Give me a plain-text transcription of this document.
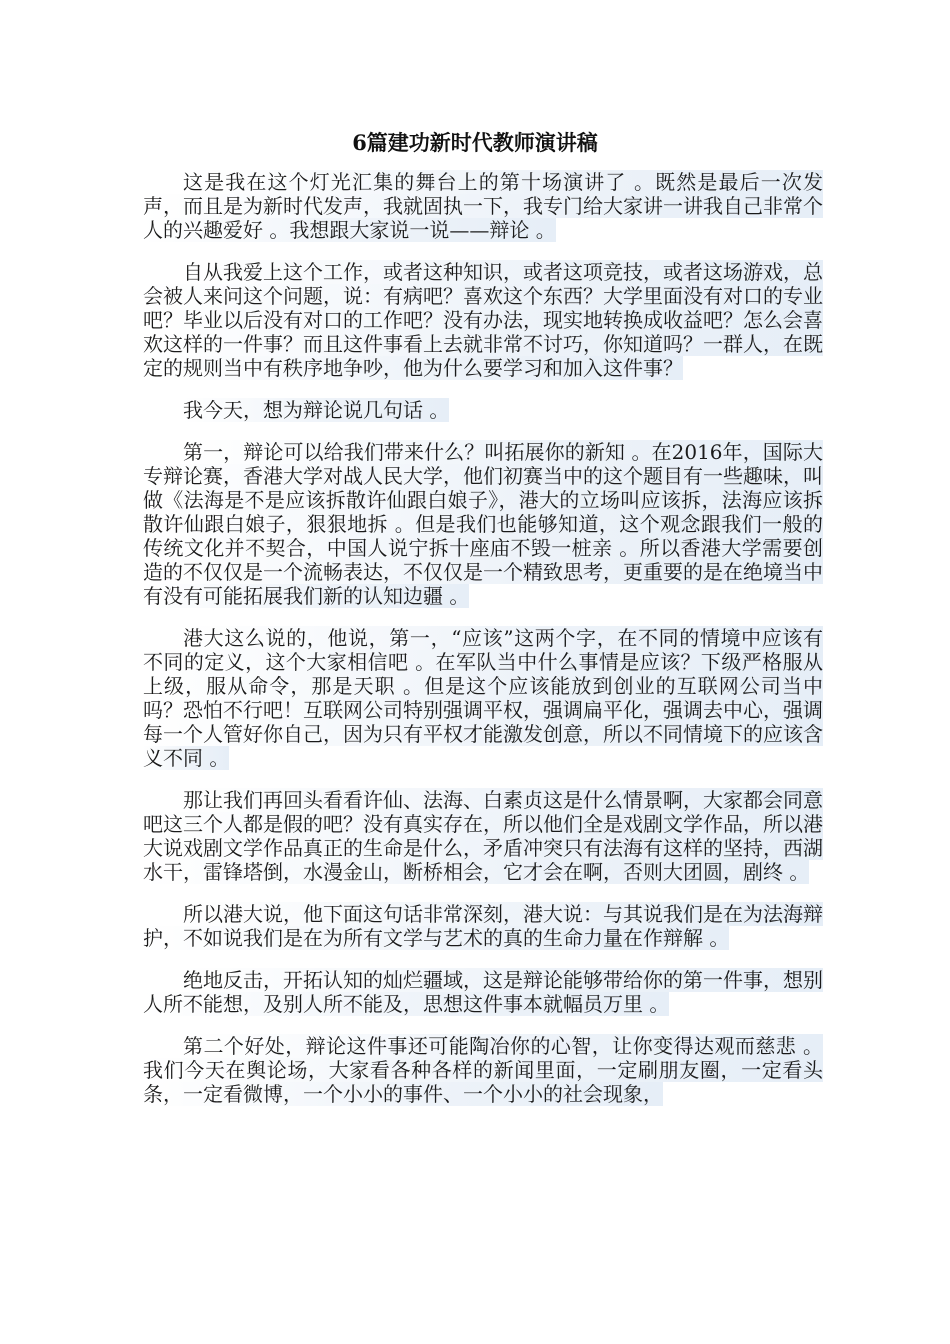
6篇建功新时代教师演讲稿

这是我在这个灯光汇集的舞台上的第十场演讲了 。既然是最后一次发声，而且是为新时代发声，我就固执一下，我专门给大家讲一讲我自己非常个人的兴趣爱好 。我想跟大家说一说——辩论 。

自从我爱上这个工作，或者这种知识，或者这项竞技，或者这场游戏，总会被人来问这个问题，说：有病吧？喜欢这个东西？大学里面没有对口的专业吧？毕业以后没有对口的工作吧？没有办法，现实地转换成收益吧？怎么会喜欢这样的一件事？而且这件事看上去就非常不讨巧，你知道吗？一群人，在既定的规则当中有秩序地争吵，他为什么要学习和加入这件事？

我今天，想为辩论说几句话 。

第一，辩论可以给我们带来什么？叫拓展你的新知 。在2016年，国际大专辩论赛，香港大学对战人民大学，他们初赛当中的这个题目有一些趣味，叫做《法海是不是应该拆散许仙跟白娘子》，港大的立场叫应该拆，法海应该拆散许仙跟白娘子，狠狠地拆 。但是我们也能够知道，这个观念跟我们一般的传统文化并不契合，中国人说宁拆十座庙不毁一桩亲 。所以香港大学需要创造的不仅仅是一个流畅表达，不仅仅是一个精致思考，更重要的是在绝境当中有没有可能拓展我们新的认知边疆 。

港大这么说的，他说，第一，“应该”这两个字，在不同的情境中应该有不同的定义，这个大家相信吧 。在军队当中什么事情是应该？下级严格服从上级，服从命令，那是天职 。但是这个应该能放到创业的互联网公司当中吗？恐怕不行吧！互联网公司特别强调平权，强调扁平化，强调去中心，强调每一个人管好你自己，因为只有平权才能激发创意，所以不同情境下的应该含义不同 。

那让我们再回头看看许仙、法海、白素贞这是什么情景啊，大家都会同意吧这三个人都是假的吧？没有真实存在，所以他们全是戏剧文学作品，所以港大说戏剧文学作品真正的生命是什么，矛盾冲突只有法海有这样的坚持，西湖水干，雷锋塔倒，水漫金山，断桥相会，它才会在啊，否则大团圆，剧终 。

所以港大说，他下面这句话非常深刻，港大说：与其说我们是在为法海辩护，不如说我们是在为所有文学与艺术的真的生命力量在作辩解 。

绝地反击，开拓认知的灿烂疆域，这是辩论能够带给你的第一件事，想别人所不能想，及别人所不能及，思想这件事本就幅员万里 。

第二个好处，辩论这件事还可能陶冶你的心智，让你变得达观而慈悲 。我们今天在舆论场，大家看各种各样的新闻里面，一定刷朋友圈，一定看头条，一定看微博，一个小小的事件、一个小小的社会现象，
